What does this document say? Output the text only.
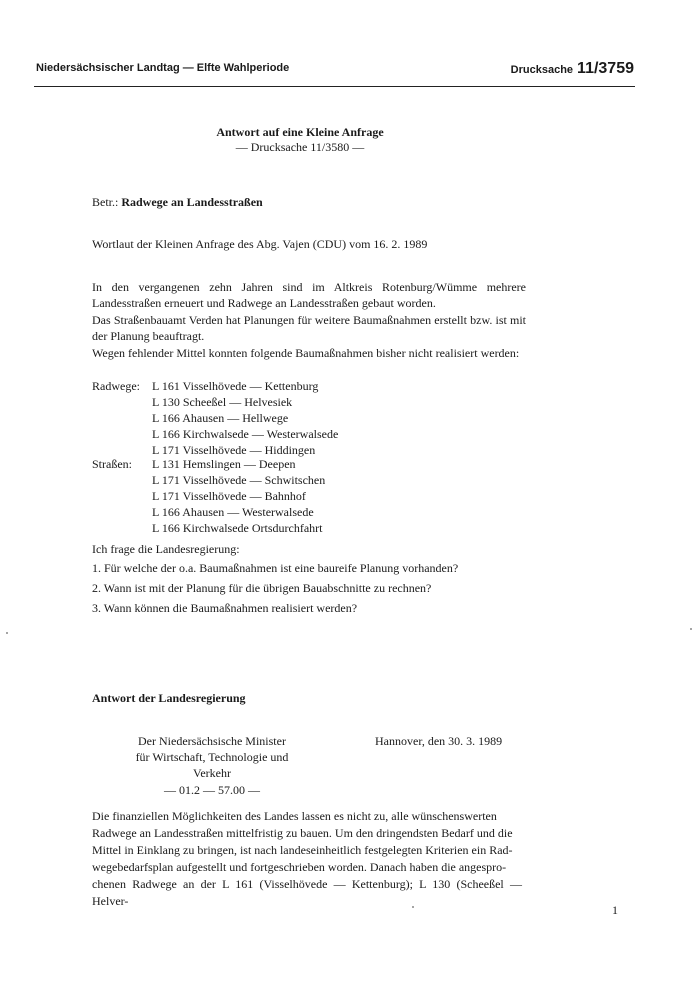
Niedersächsischer Landtag — Elfte Wahlperiode	Drucksache 11/3759
Antwort auf eine Kleine Anfrage
— Drucksache 11/3580 —
Betr.: Radwege an Landesstraßen
Wortlaut der Kleinen Anfrage des Abg. Vajen (CDU) vom 16. 2. 1989
In den vergangenen zehn Jahren sind im Altkreis Rotenburg/Wümme mehrere Landesstraßen erneuert und Radwege an Landesstraßen gebaut worden.
Das Straßenbauamt Verden hat Planungen für weitere Baumaßnahmen erstellt bzw. ist mit der Planung beauftragt.
Wegen fehlender Mittel konnten folgende Baumaßnahmen bisher nicht realisiert werden:
Radwege: L 161 Visselhövede — Kettenburg
L 130 Scheeßel — Helvesiek
L 166 Ahausen — Hellwege
L 166 Kirchwalsede — Westerwalsede
L 171 Visselhövede — Hiddingen
Straßen: L 131 Hemslingen — Deepen
L 171 Visselhövede — Schwitschen
L 171 Visselhövede — Bahnhof
L 166 Ahausen — Westerwalsede
L 166 Kirchwalsede Ortsdurchfahrt
Ich frage die Landesregierung:
1. Für welche der o.a. Baumaßnahmen ist eine baureife Planung vorhanden?
2. Wann ist mit der Planung für die übrigen Bauabschnitte zu rechnen?
3. Wann können die Baumaßnahmen realisiert werden?
Antwort der Landesregierung
Der Niedersächsische Minister
für Wirtschaft, Technologie und Verkehr
— 01.2 — 57.00 —
Hannover, den 30. 3. 1989
Die finanziellen Möglichkeiten des Landes lassen es nicht zu, alle wünschenswerten
Radwege an Landesstraßen mittelfristig zu bauen. Um den dringendsten Bedarf und die
Mittel in Einklang zu bringen, ist nach landeseinheitlich festgelegten Kriterien ein Rad-
wegebedarfsplan aufgestellt und fortgeschrieben worden. Danach haben die angespro-
chenen Radwege an der L 161 (Visselhövede — Kettenburg); L 130 (Scheeßel — Helver-
1
